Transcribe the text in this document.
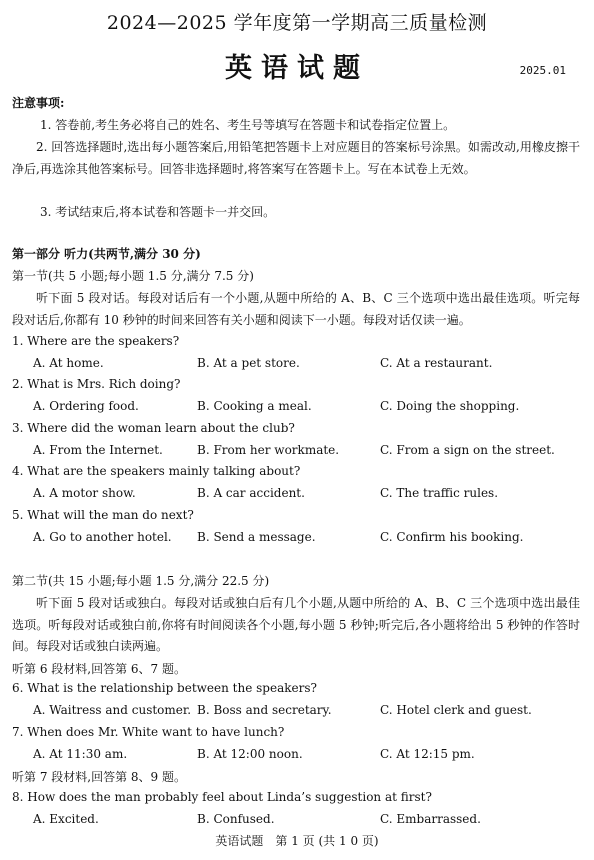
2024—2025 学年度第一学期高三质量检测
英语试题	2025.01
注意事项:
1. 答卷前,考生务必将自己的姓名、考生号等填写在答题卡和试卷指定位置上。
2. 回答选择题时,选出每小题答案后,用铅笔把答题卡上对应题目的答案标号涂黑。如需改动,用橡皮擦干净后,再选涂其他答案标号。回答非选择题时,将答案写在答题卡上。写在本试卷上无效。
3. 考试结束后,将本试卷和答题卡一并交回。
第一部分 听力(共两节,满分 30 分)
第一节(共 5 小题;每小题 1.5 分,满分 7.5 分)
听下面 5 段对话。每段对话后有一个小题,从题中所给的 A、B、C 三个选项中选出最佳选项。听完每段对话后,你都有 10 秒钟的时间来回答有关小题和阅读下一小题。每段对话仅读一遍。
1. Where are the speakers?
A. At home.	B. At a pet store.	C. At a restaurant.
2. What is Mrs. Rich doing?
A. Ordering food.	B. Cooking a meal.	C. Doing the shopping.
3. Where did the woman learn about the club?
A. From the Internet.	B. From her workmate.	C. From a sign on the street.
4. What are the speakers mainly talking about?
A. A motor show.	B. A car accident.	C. The traffic rules.
5. What will the man do next?
A. Go to another hotel. B. Send a message.	C. Confirm his booking.
第二节(共 15 小题;每小题 1.5 分,满分 22.5 分)
听下面 5 段对话或独白。每段对话或独白后有几个小题,从题中所给的 A、B、C 三个选项中选出最佳选项。听每段对话或独白前,你将有时间阅读各个小题,每小题 5 秒钟;听完后,各小题将给出 5 秒钟的作答时间。每段对话或独白读两遍。
听第 6 段材料,回答第 6、7 题。
6. What is the relationship between the speakers?
A. Waitress and customer. B. Boss and secretary.	C. Hotel clerk and guest.
7. When does Mr. White want to have lunch?
A. At 11:30 am.	B. At 12:00 noon.	C. At 12:15 pm.
听第 7 段材料,回答第 8、9 题。
8. How does the man probably feel about Linda’s suggestion at first?
A. Excited.	B. Confused.	C. Embarrassed.
英语试题　第 1 页 (共 1 0 页)
